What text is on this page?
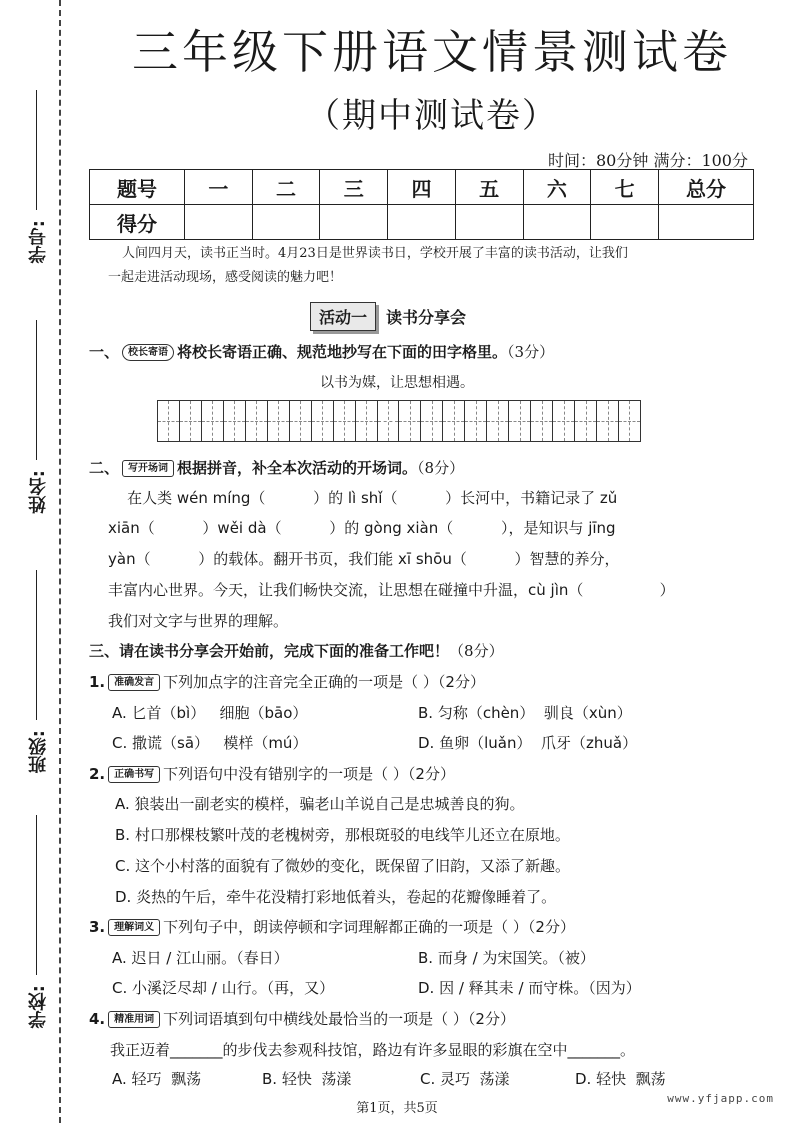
学号:
姓名:
班级:
学校:
三年级下册语文情景测试卷
（期中测试卷）
时间：80分钟 满分：100分
题号	一	二	三	四	五	六	七	总分
得分								
人间四月天，读书正当时。4月23日是世界读书日，学校开展了丰富的读书活动，让我们
一起走进活动现场，感受阅读的魅力吧！
活动一	读书分享会
一、 校长寄语 将校长寄语正确、规范地抄写在下面的田字格里。（3分）
以书为媒，让思想相遇。
二、 写开场词 根据拼音，补全本次活动的开场词。（8分）
在人类 wén míng（          ）的 lì shǐ（          ）长河中，书籍记录了 zǔ
xiān（          ）wěi dà（          ）的 gòng xiàn（          ），是知识与 jīng
yàn（          ）的载体。翻开书页，我们能 xī shōu（          ）智慧的养分，
丰富内心世界。今天，让我们畅快交流，让思想在碰撞中升温，cù jìn（                ）
我们对文字与世界的理解。
三、请在读书分享会开始前，完成下面的准备工作吧！（8分）
1. 准确发言 下列加点字的注音完全正确的一项是（ ）（2分）
A. 匕首（bì）   细胞（bāo）	B. 匀称（chèn）  驯良（xùn）
C. 撒谎（sā）   模样（mú）	D. 鱼卵（luǎn）  爪牙（zhuǎ）
2. 正确书写 下列语句中没有错别字的一项是（ ）（2分）
A. 狼装出一副老实的模样，骗老山羊说自己是忠城善良的狗。
B. 村口那棵枝繁叶茂的老槐树旁，那根斑驳的电线竿儿还立在原地。
C. 这个小村落的面貌有了微妙的变化，既保留了旧韵，又添了新趣。
D. 炎热的午后，牵牛花没精打彩地低着头，卷起的花瓣像睡着了。
3. 理解词义 下列句子中，朗读停顿和字词理解都正确的一项是（ ）（2分）
A. 迟日 / 江山丽。（春日）	B. 而身 / 为宋国笑。（被）
C. 小溪泛尽却 / 山行。（再，又）	D. 因 / 释其耒 / 而守株。（因为）
4. 精准用词 下列词语填到句中横线处最恰当的一项是（ ）（2分）
我正迈着_______的步伐去参观科技馆，路边有许多显眼的彩旗在空中_______。
A. 轻巧  飘荡	B. 轻快  荡漾	C. 灵巧  荡漾	D. 轻快  飘荡
第1页，共5页
www.yfjapp.com
